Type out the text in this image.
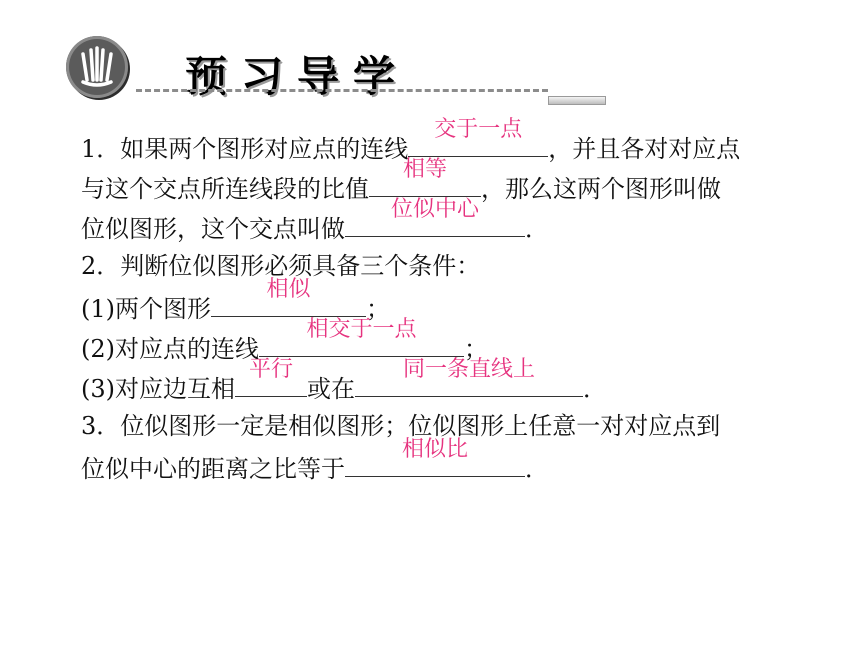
预习导学
1．如果两个图形对应点的连线
交于一点
，并且各对对应点
与这个交点所连线段的比值
相等
，那么这两个图形叫做
位似图形，这个交点叫做
位似中心
．
2．判断位似图形必须具备三个条件：
(1)两个图形
相似
；
(2)对应点的连线
相交于一点
；
(3)对应边互相
平行
或在
同一条直线上
．
3．位似图形一定是相似图形；位似图形上任意一对对应点到
位似中心的距离之比等于
相似比
．
